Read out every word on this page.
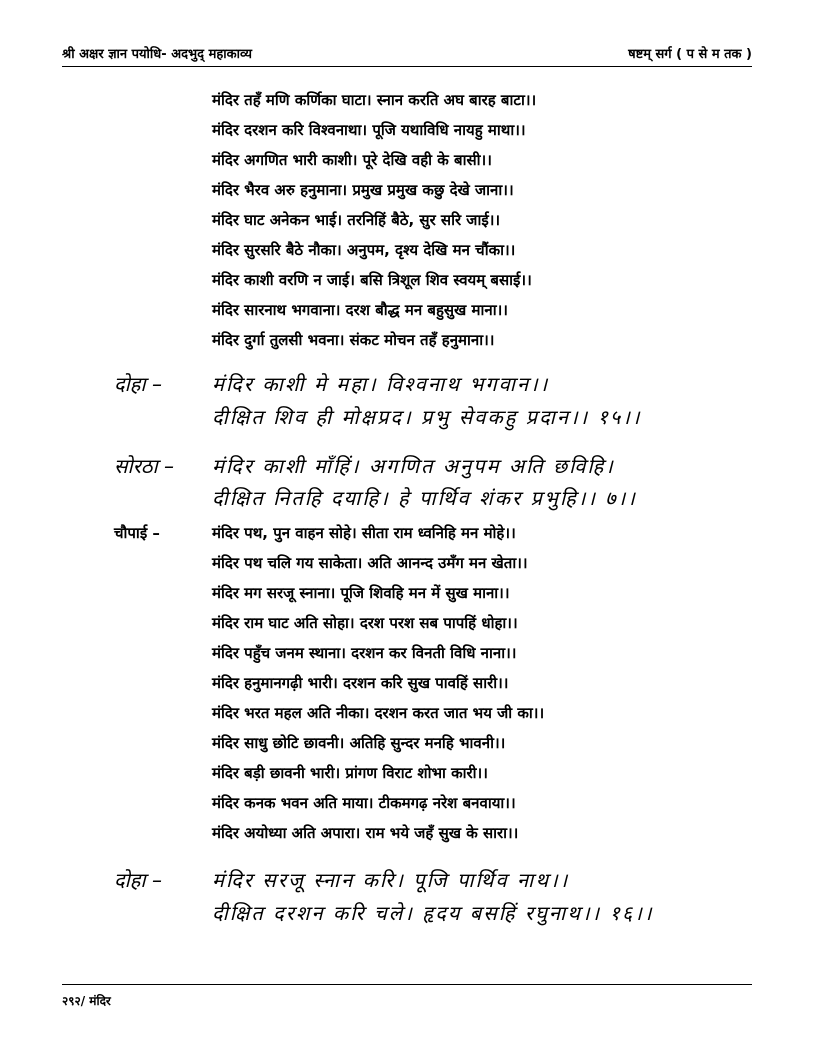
श्री अक्षर ज्ञान पयोधि- अदभुद् महाकाव्य	षष्टम् सर्ग ( प से म तक )
मंदिर तहँ मणि कर्णिका घाटा। स्नान करति अघ बारह बाटा।।
मंदिर दरशन करि विश्वनाथा। पूजि यथाविधि नायहु माथा।।
मंदिर अगणित भारी काशी। पूरे देखि वही के बासी।।
मंदिर भैरव अरु हनुमाना। प्रमुख प्रमुख कछु देखे जाना।।
मंदिर घाट अनेकन भाई। तरनिहिं बैठे, सुर सरि जाई।।
मंदिर सुरसरि बैठे नौका। अनुपम, दृश्य देखि मन चौंका।।
मंदिर काशी वरणि न जाई। बसि त्रिशूल शिव स्वयम् बसाई।।
मंदिर सारनाथ भगवाना। दरश बौद्ध मन बहुसुख माना।।
मंदिर दुर्गा तुलसी भवना। संकट मोचन तहँ हनुमाना।।
दोहा –	मंदिर काशी मे महा। विश्वनाथ भगवान।।
दीक्षित शिव ही मोक्षप्रद। प्रभु सेवकहु प्रदान।। १५।।
सोरठा – मंदिर काशी माँहिं। अगणित अनुपम अति छविहि।
दीक्षित नितहि दयाहि। हे पार्थिव शंकर प्रभुहि।। ७।।
चौपाई –	मंदिर पथ, पुन वाहन सोहे। सीता राम ध्वनिहि मन मोहे।।
मंदिर पथ चलि गय साकेता। अति आनन्द उमँग मन खेता।।
मंदिर मग सरजू स्नाना। पूजि शिवहि मन में सुख माना।।
मंदिर राम घाट अति सोहा। दरश परश सब पापहिं धोहा।।
मंदिर पहुँच जनम स्थाना। दरशन कर विनती विधि नाना।।
मंदिर हनुमानगढ़ी भारी। दरशन करि सुख पावहिं सारी।।
मंदिर भरत महल अति नीका। दरशन करत जात भय जी का।।
मंदिर साधु छोटि छावनी। अतिहि सुन्दर मनहि भावनी।।
मंदिर बड़ी छावनी भारी। प्रांगण विराट शोभा कारी।।
मंदिर कनक भवन अति माया। टीकमगढ़ नरेश बनवाया।।
मंदिर अयोध्या अति अपारा। राम भये जहँ सुख के सारा।।
दोहा –	मंदिर सरजू स्नान करि। पूजि पार्थिव नाथ।।
दीक्षित दरशन करि चले। हृदय बसहिं रघुनाथ।। १६।।
२९२/ मंदिर
